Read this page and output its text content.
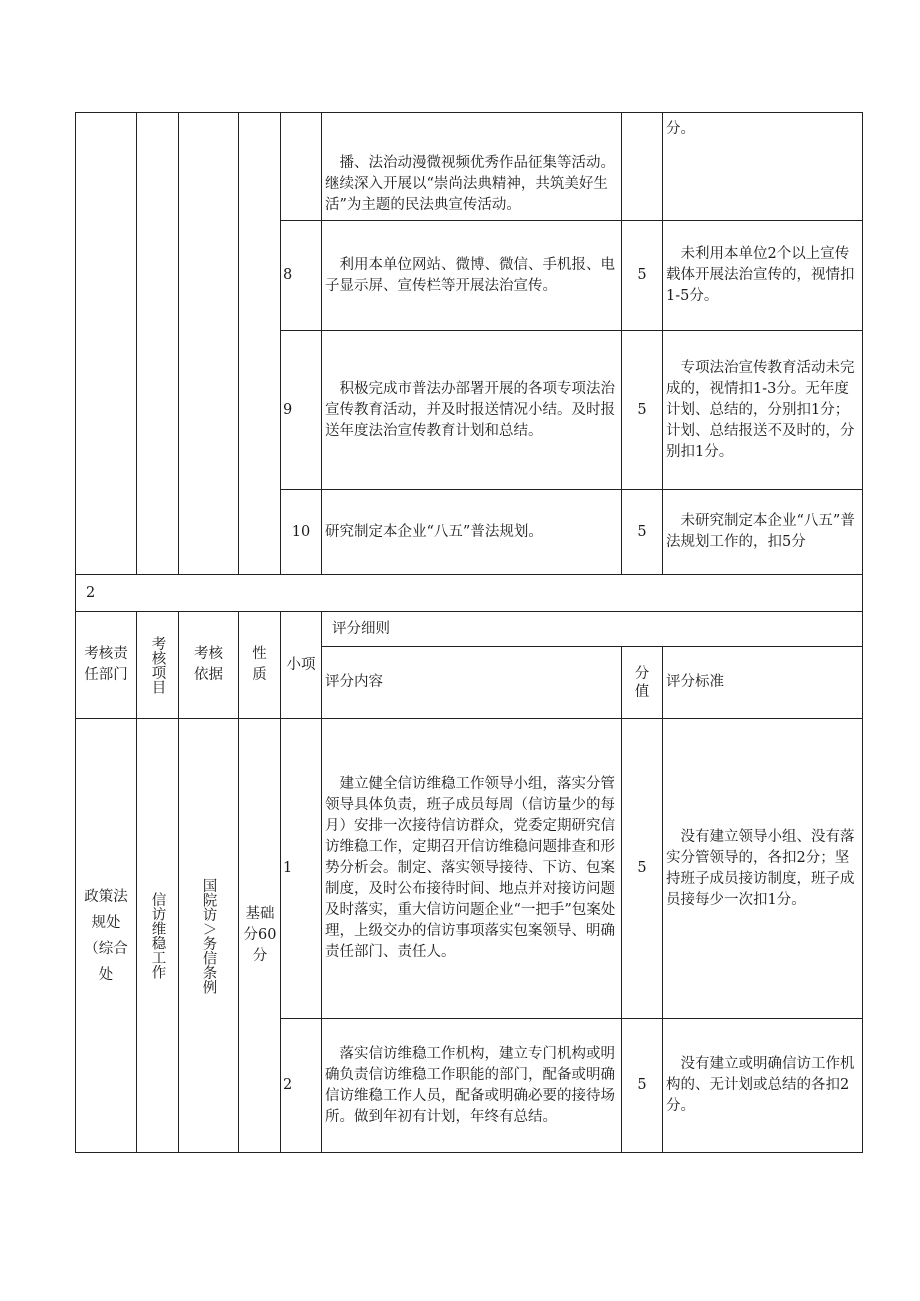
					播、法治动漫微视频优秀作品征集等活动。继续深入开展以“崇尚法典精神，共筑美好生活”为主题的民法典宣传活动。		分。
				8	利用本单位网站、微博、微信、手机报、电子显示屏、宣传栏等开展法治宣传。	5	未利用本单位2个以上宣传载体开展法治宣传的，视情扣1-5分。
				9	积极完成市普法办部署开展的各项专项法治宣传教育活动，并及时报送情况小结。及时报送年度法治宣传教育计划和总结。	5	专项法治宣传教育活动未完成的，视情扣1-3分。无年度计划、总结的，分别扣1分；计划、总结报送不及时的，分别扣1分。
				10	研究制定本企业“八五”普法规划。	5	未研究制定本企业“八五”普法规划工作的，扣5分
2							
考核责任部门	考核项目	考核依据	性质	小项	评分细则		
					评分内容	分值	评分标准

政策法规处（综合处	信访维稳工作	国院访＞务信条例	基础分60分	1	建立健全信访维稳工作领导小组，落实分管领导具体负责，班子成员每周（信访量少的每月）安排一次接待信访群众，党委定期研究信访维稳工作，定期召开信访维稳问题排查和形势分析会。制定、落实领导接待、下访、包案制度，及时公布接待时间、地点并对接访问题及时落实，重大信访问题企业“一把手”包案处理，上级交办的信访事项落实包案领导、明确责任部门、责任人。	5	没有建立领导小组、没有落实分管领导的，各扣2分；坚持班子成员接访制度，班子成员接每少一次扣1分。
				2	落实信访维稳工作机构，建立专门机构或明确负责信访维稳工作职能的部门，配备或明确信访维稳工作人员，配备或明确必要的接待场所。做到年初有计划，年终有总结。	5	没有建立或明确信访工作机构的、无计划或总结的各扣2分。
